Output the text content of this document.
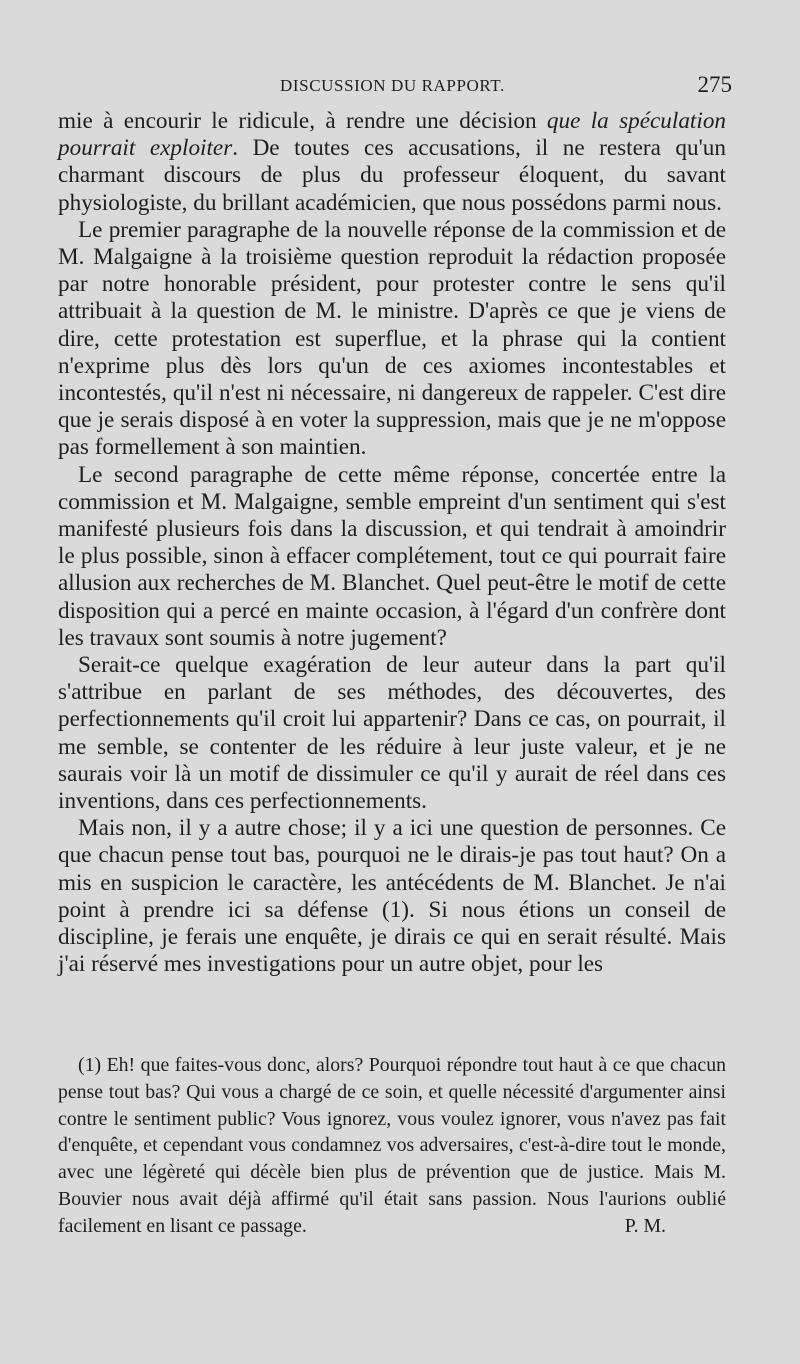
DISCUSSION DU RAPPORT.	275

mie à encourir le ridicule, à rendre une décision que la spéculation pourrait exploiter. De toutes ces accusations, il ne restera qu'un charmant discours de plus du professeur éloquent, du savant physiologiste, du brillant académicien, que nous possédons parmi nous.

Le premier paragraphe de la nouvelle réponse de la commission et de M. Malgaigne à la troisième question reproduit la rédaction proposée par notre honorable président, pour protester contre le sens qu'il attribuait à la question de M. le ministre. D'après ce que je viens de dire, cette protestation est superflue, et la phrase qui la contient n'exprime plus dès lors qu'un de ces axiomes incontestables et incontestés, qu'il n'est ni nécessaire, ni dangereux de rappeler. C'est dire que je serais disposé à en voter la suppression, mais que je ne m'oppose pas formellement à son maintien.

Le second paragraphe de cette même réponse, concertée entre la commission et M. Malgaigne, semble empreint d'un sentiment qui s'est manifesté plusieurs fois dans la discussion, et qui tendrait à amoindrir le plus possible, sinon à effacer complétement, tout ce qui pourrait faire allusion aux recherches de M. Blanchet. Quel peut-être le motif de cette disposition qui a percé en mainte occasion, à l'égard d'un confrère dont les travaux sont soumis à notre jugement?

Serait-ce quelque exagération de leur auteur dans la part qu'il s'attribue en parlant de ses méthodes, des découvertes, des perfectionnements qu'il croit lui appartenir? Dans ce cas, on pourrait, il me semble, se contenter de les réduire à leur juste valeur, et je ne saurais voir là un motif de dissimuler ce qu'il y aurait de réel dans ces inventions, dans ces perfectionnements.

Mais non, il y a autre chose; il y a ici une question de personnes. Ce que chacun pense tout bas, pourquoi ne le dirais-je pas tout haut? On a mis en suspicion le caractère, les antécédents de M. Blanchet. Je n'ai point à prendre ici sa défense (1). Si nous étions un conseil de discipline, je ferais une enquête, je dirais ce qui en serait résulté. Mais j'ai réservé mes investigations pour un autre objet, pour les

(1) Eh! que faites-vous donc, alors? Pourquoi répondre tout haut à ce que chacun pense tout bas? Qui vous a chargé de ce soin, et quelle nécessité d'argumenter ainsi contre le sentiment public? Vous ignorez, vous voulez ignorer, vous n'avez pas fait d'enquête, et cependant vous condamnez vos adversaires, c'est-à-dire tout le monde, avec une légèreté qui décèle bien plus de prévention que de justice. Mais M. Bouvier nous avait déjà affirmé qu'il était sans passion. Nous l'aurions oublié facilement en lisant ce passage.	P. M.
